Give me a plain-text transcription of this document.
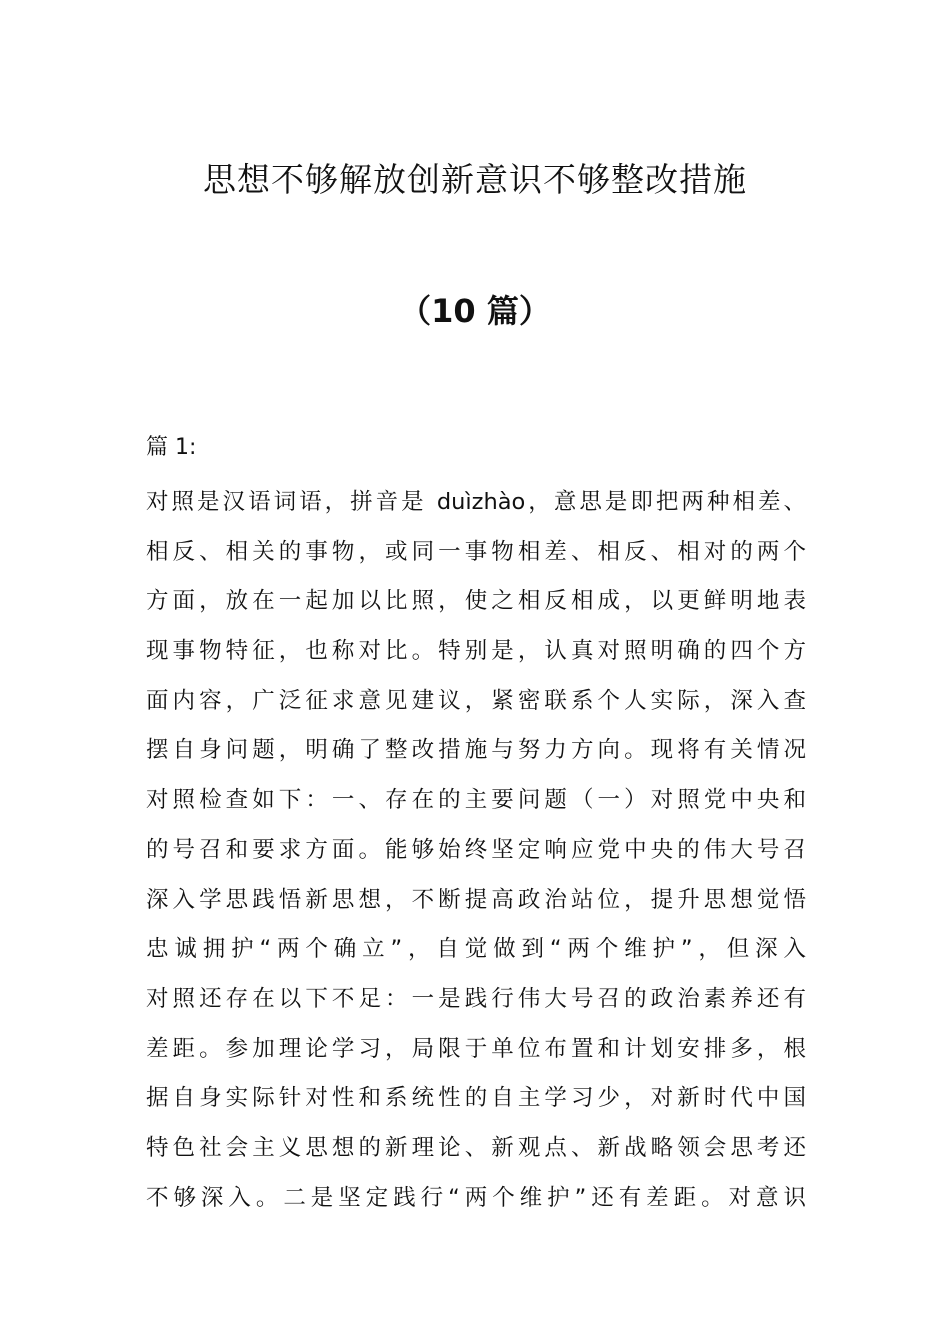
思想不够解放创新意识不够整改措施
（10 篇）
篇 1:
对照是汉语词语，拼音是 duìzhào，意思是即把两种相差、
相反、相关的事物，或同一事物相差、相反、相对的两个
方面，放在一起加以比照，使之相反相成，以更鲜明地表
现事物特征，也称对比。特别是，认真对照明确的四个方
面内容，广泛征求意见建议，紧密联系个人实际，深入查
摆自身问题，明确了整改措施与努力方向。现将有关情况
对照检查如下：一、存在的主要问题（一）对照党中央和
的号召和要求方面。能够始终坚定响应党中央的伟大号召
深入学思践悟新思想，不断提高政治站位，提升思想觉悟
忠诚拥护“两个确立”，自觉做到“两个维护”，但深入
对照还存在以下不足：一是践行伟大号召的政治素养还有
差距。参加理论学习，局限于单位布置和计划安排多，根
据自身实际针对性和系统性的自主学习少，对新时代中国
特色社会主义思想的新理论、新观点、新战略领会思考还
不够深入。二是坚定践行“两个维护”还有差距。对意识
